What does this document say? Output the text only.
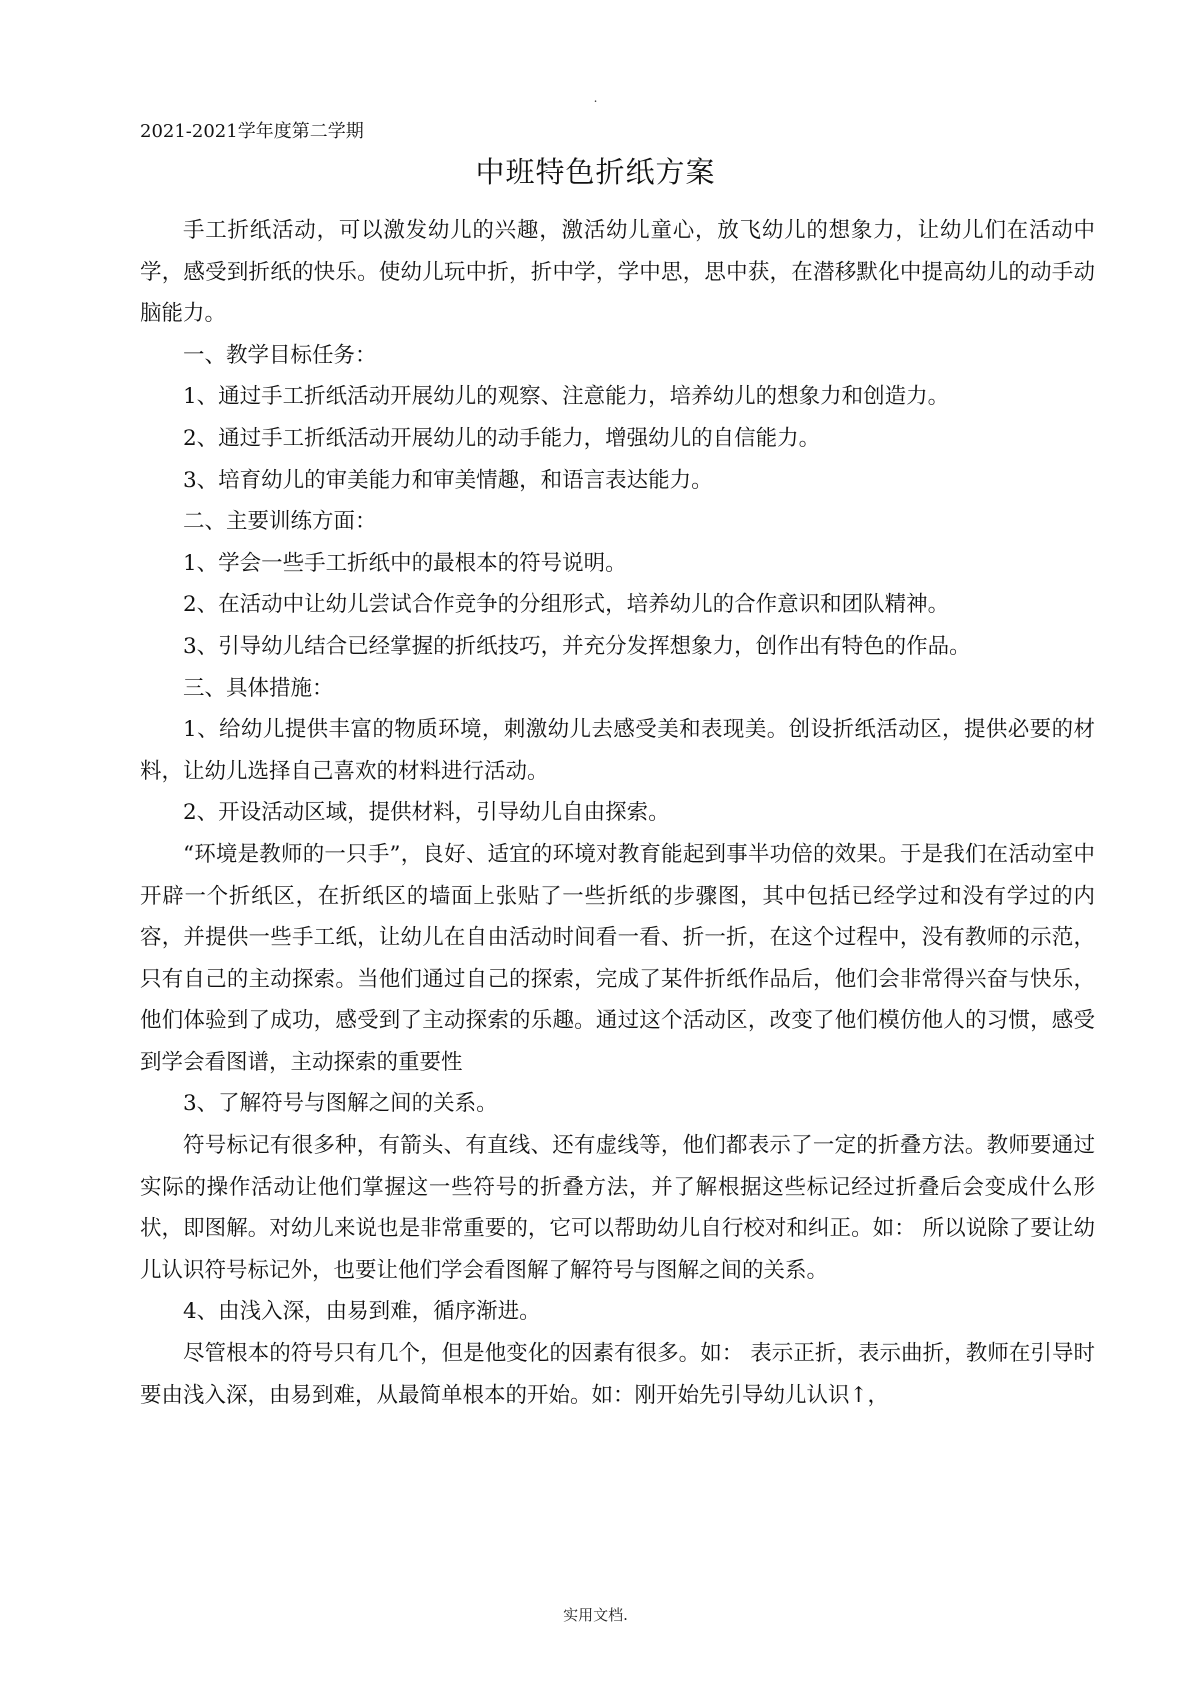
.
2021-2021学年度第二学期
中班特色折纸方案

手工折纸活动，可以激发幼儿的兴趣，激活幼儿童心，放飞幼儿的想象力，让幼儿们在活动中学，感受到折纸的快乐。使幼儿玩中折，折中学，学中思，思中获，在潜移默化中提高幼儿的动手动脑能力。

一、教学目标任务：

1、通过手工折纸活动开展幼儿的观察、注意能力，培养幼儿的想象力和创造力。

2、通过手工折纸活动开展幼儿的动手能力，增强幼儿的自信能力。

3、培育幼儿的审美能力和审美情趣，和语言表达能力。

二、主要训练方面：

1、学会一些手工折纸中的最根本的符号说明。

2、在活动中让幼儿尝试合作竞争的分组形式，培养幼儿的合作意识和团队精神。

3、引导幼儿结合已经掌握的折纸技巧，并充分发挥想象力，创作出有特色的作品。

三、具体措施：

1、给幼儿提供丰富的物质环境，刺激幼儿去感受美和表现美。创设折纸活动区，提供必要的材料，让幼儿选择自己喜欢的材料进行活动。

2、开设活动区域，提供材料，引导幼儿自由探索。

“环境是教师的一只手”，良好、适宜的环境对教育能起到事半功倍的效果。于是我们在活动室中开辟一个折纸区，在折纸区的墙面上张贴了一些折纸的步骤图，其中包括已经学过和没有学过的内容，并提供一些手工纸，让幼儿在自由活动时间看一看、折一折，在这个过程中，没有教师的示范，只有自己的主动探索。当他们通过自己的探索，完成了某件折纸作品后，他们会非常得兴奋与快乐，他们体验到了成功，感受到了主动探索的乐趣。通过这个活动区，改变了他们模仿他人的习惯，感受到学会看图谱，主动探索的重要性

3、了解符号与图解之间的关系。

符号标记有很多种，有箭头、有直线、还有虚线等，他们都表示了一定的折叠方法。教师要通过实际的操作活动让他们掌握这一些符号的折叠方法，并了解根据这些标记经过折叠后会变成什么形状，即图解。对幼儿来说也是非常重要的，它可以帮助幼儿自行校对和纠正。如： 所以说除了要让幼儿认识符号标记外，也要让他们学会看图解了解符号与图解之间的关系。

4、由浅入深，由易到难，循序渐进。

尽管根本的符号只有几个，但是他变化的因素有很多。如： 表示正折，表示曲折，教师在引导时要由浅入深，由易到难，从最简单根本的开始。如：刚开始先引导幼儿认识↑，

实用文档.
